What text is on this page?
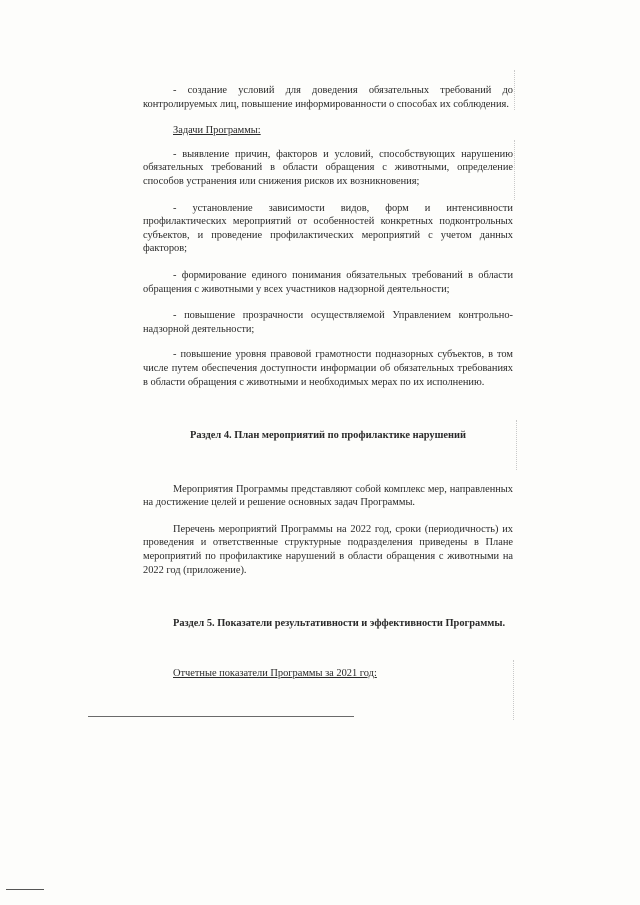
- создание условий для доведения обязательных требований до контролируемых лиц, повышение информированности о способах их соблюдения.

Задачи Программы:

- выявление причин, факторов и условий, способствующих нарушению обязательных требований в области обращения с животными, определение способов устранения или снижения рисков их возникновения;

- установление зависимости видов, форм и интенсивности профилактических мероприятий от особенностей конкретных подконтрольных субъектов, и проведение профилактических мероприятий с учетом данных факторов;

- формирование единого понимания обязательных требований в области обращения с животными у всех участников надзорной деятельности;

- повышение прозрачности осуществляемой Управлением контрольно-надзорной деятельности;

- повышение уровня правовой грамотности подназорных субъектов, в том числе путем обеспечения доступности информации об обязательных требованиях в области обращения с животными и необходимых мерах по их исполнению.

Раздел 4. План мероприятий по профилактике нарушений

Мероприятия Программы представляют собой комплекс мер, направленных на достижение целей и решение основных задач Программы.

Перечень мероприятий Программы на 2022 год, сроки (периодичность) их проведения и ответственные структурные подразделения приведены в Плане мероприятий по профилактике нарушений в области обращения с животными на 2022 год (приложение).

Раздел 5. Показатели результативности и эффективности Программы.

Отчетные показатели Программы за 2021 год:
